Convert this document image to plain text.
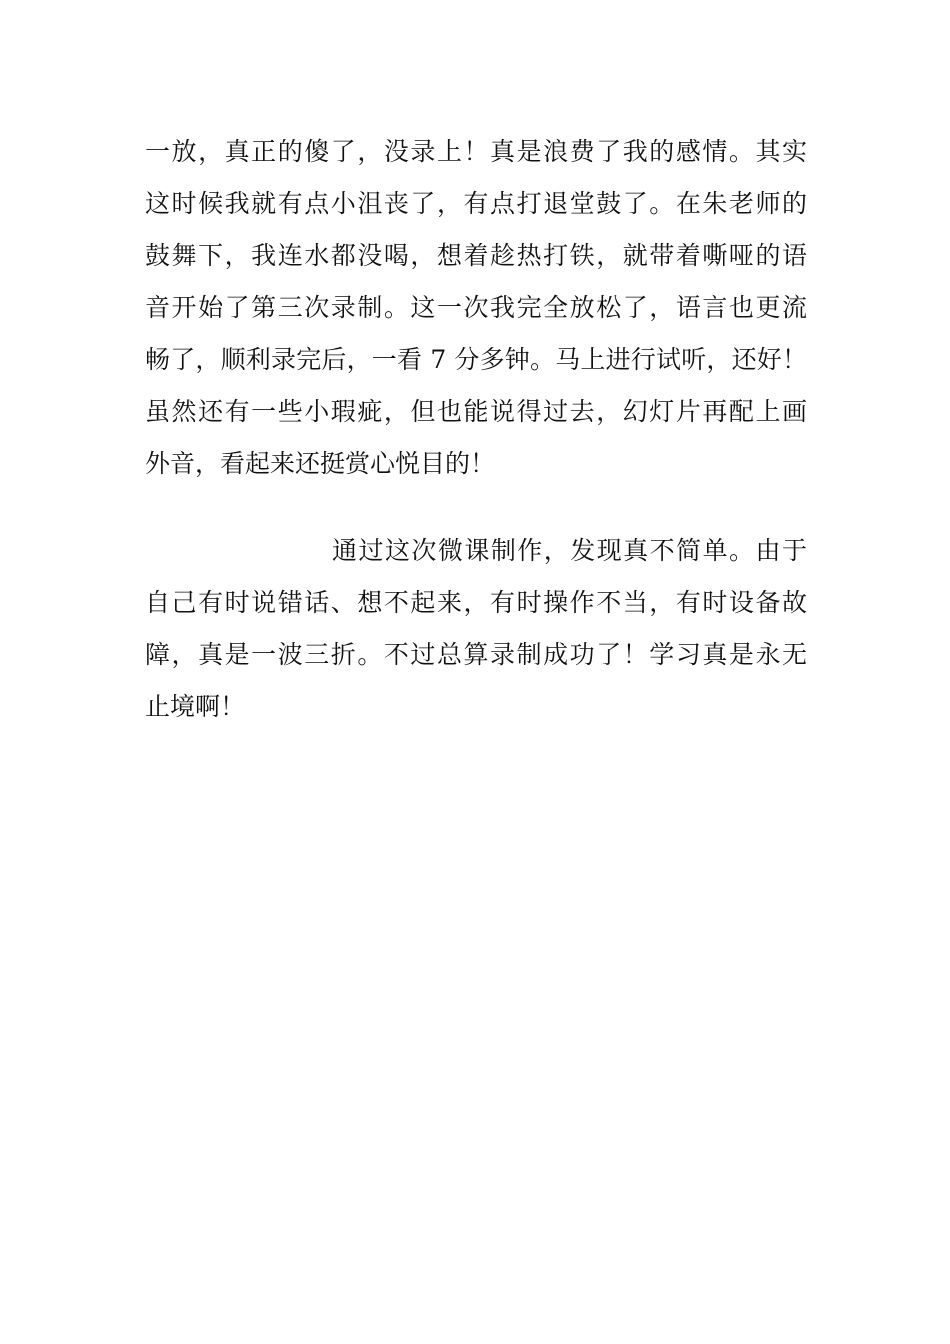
一放，真正的傻了，没录上！真是浪费了我的感情。其实
这时候我就有点小沮丧了，有点打退堂鼓了。在朱老师的
鼓舞下，我连水都没喝，想着趁热打铁，就带着嘶哑的语
音开始了第三次录制。这一次我完全放松了，语言也更流
畅了，顺利录完后，一看 7 分多钟。马上进行试听，还好！
虽然还有一些小瑕疵，但也能说得过去，幻灯片再配上画
外音，看起来还挺赏心悦目的！
通过这次微课制作，发现真不简单。由于
自己有时说错话、想不起来，有时操作不当，有时设备故
障，真是一波三折。不过总算录制成功了！学习真是永无
止境啊！
